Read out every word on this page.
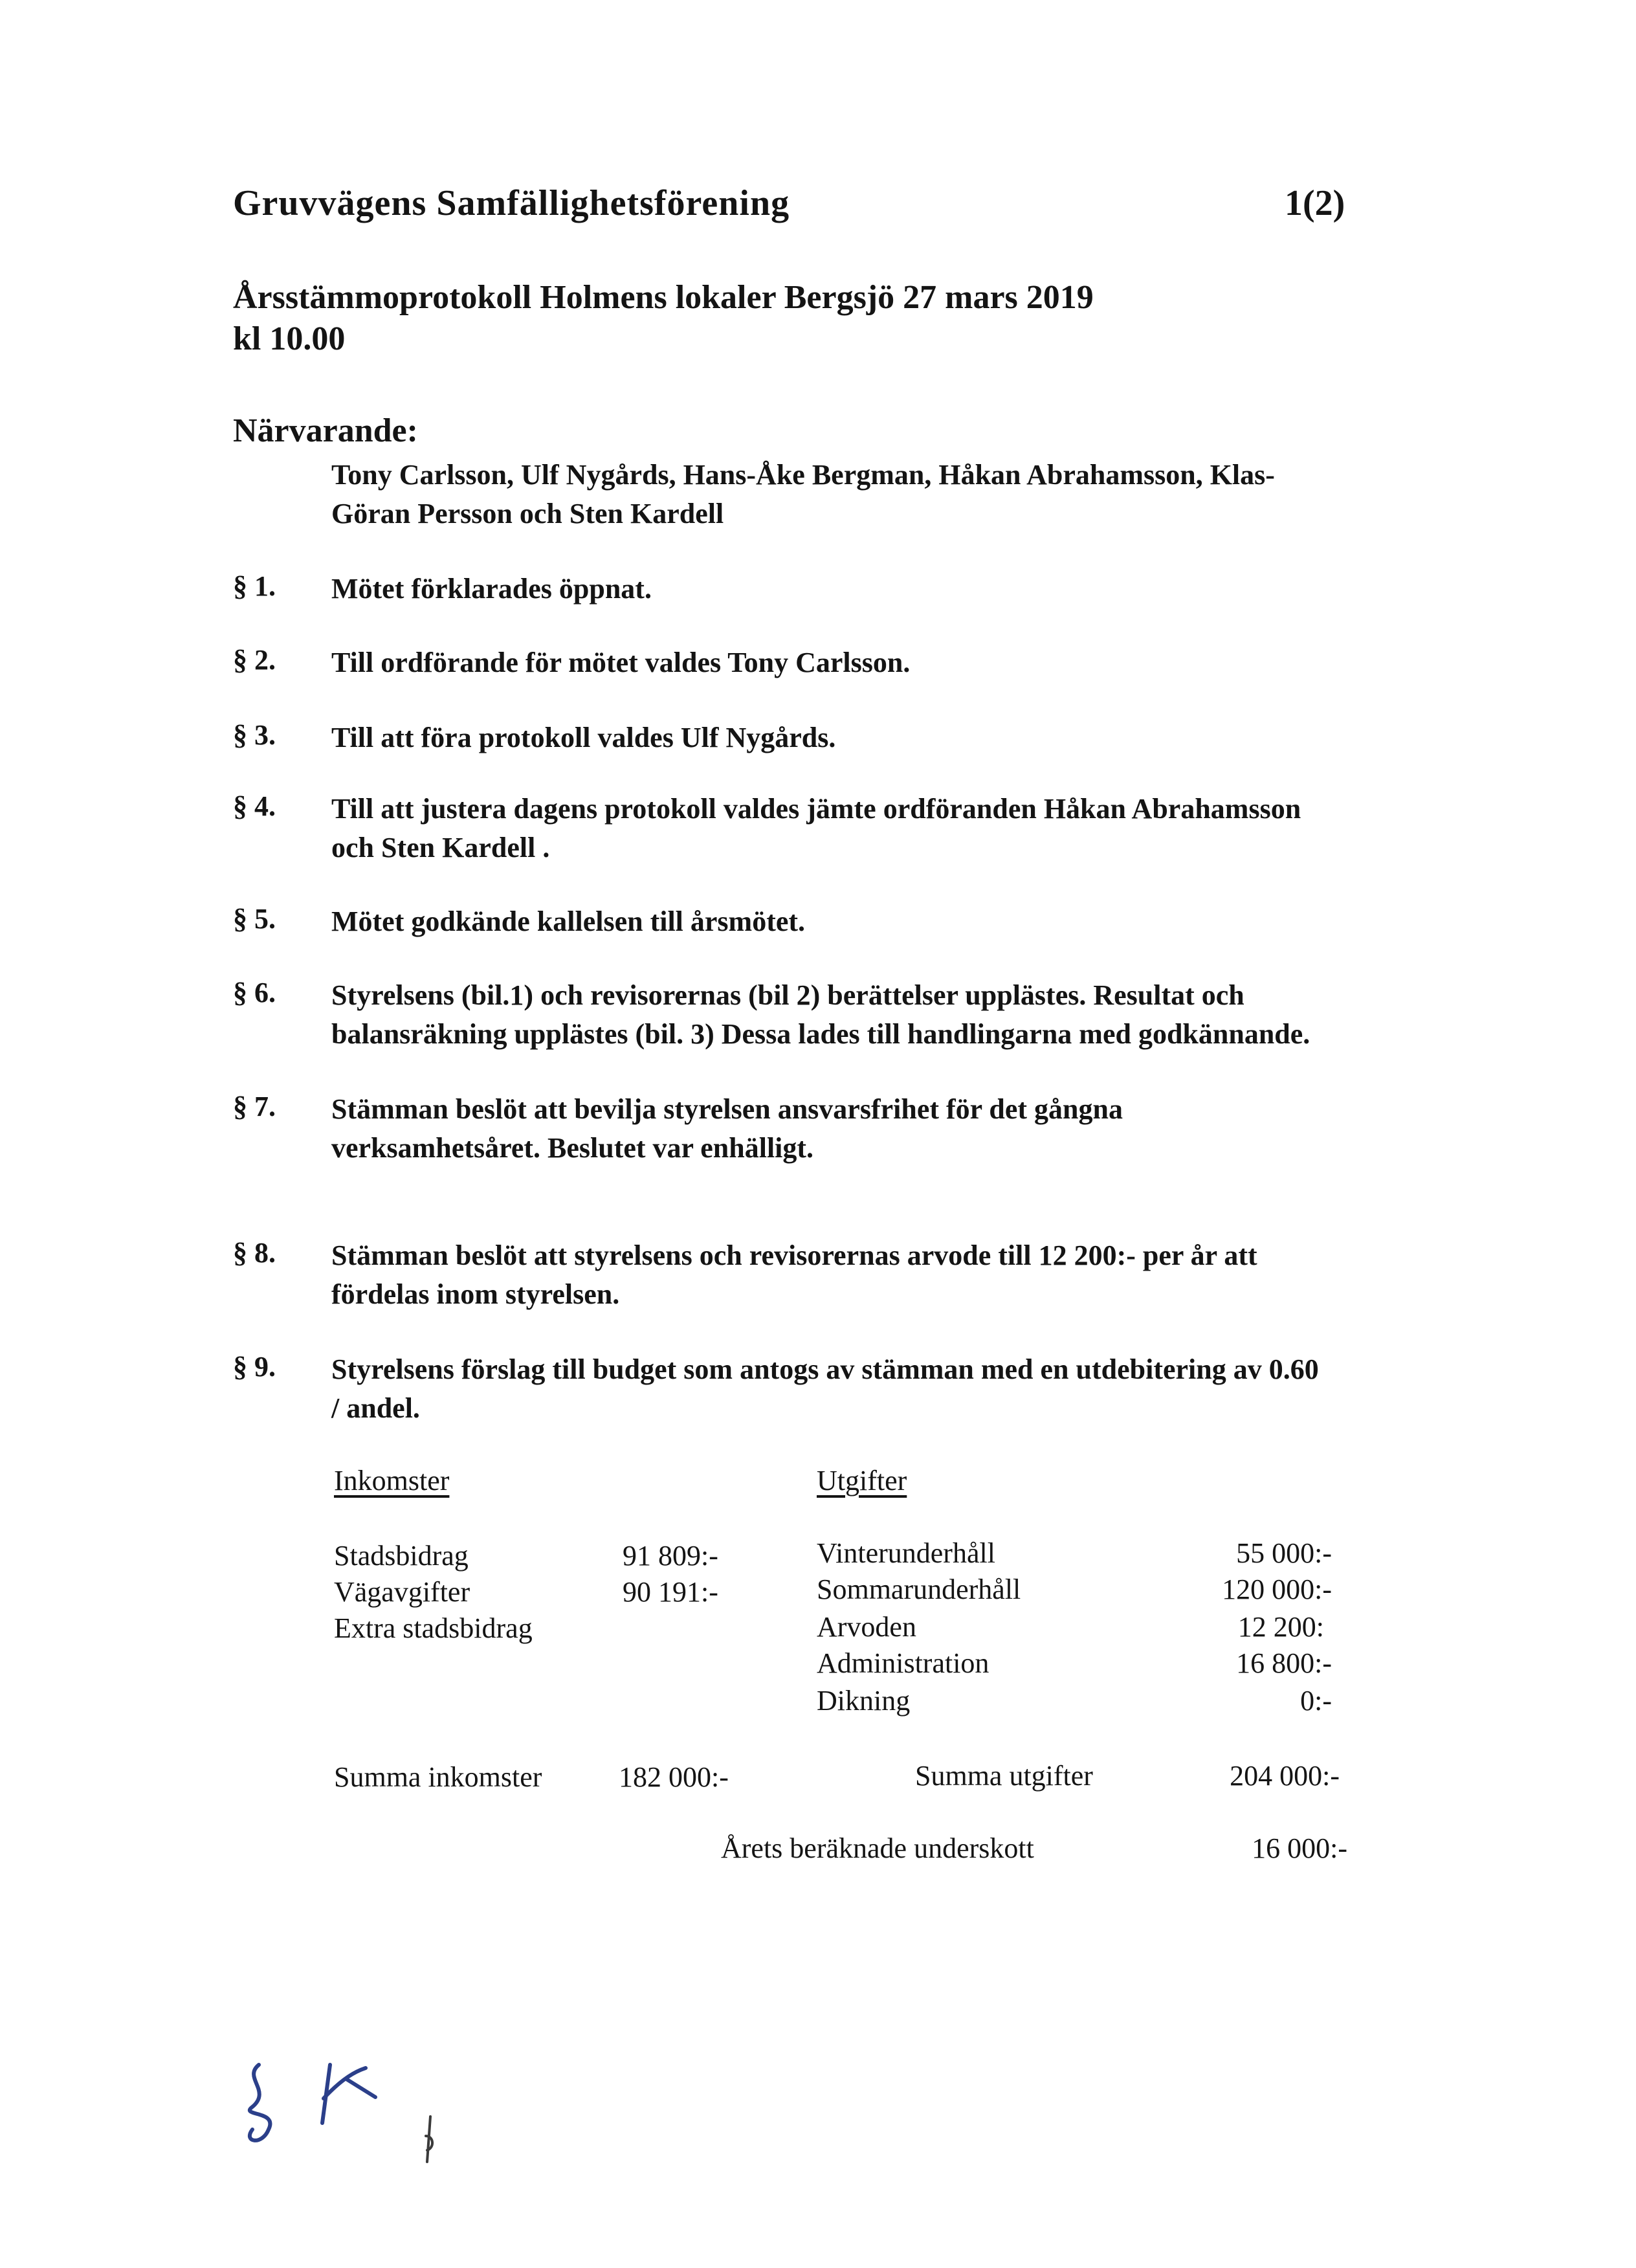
Gruvvägens Samfällighetsförening	1(2)
Årsstämmoprotokoll Holmens lokaler Bergsjö 27 mars 2019
kl 10.00
Närvarande:
Tony Carlsson, Ulf Nygårds, Hans-Åke Bergman, Håkan Abrahamsson, Klas-
Göran Persson och Sten Kardell
§ 1. Mötet förklarades öppnat.
§ 2. Till ordförande för mötet valdes Tony Carlsson.
§ 3. Till att föra protokoll valdes Ulf Nygårds.
§ 4. Till att justera dagens protokoll valdes jämte ordföranden Håkan Abrahamsson
och Sten Kardell .
§ 5. Mötet godkände kallelsen till årsmötet.
§ 6. Styrelsens (bil.1) och revisorernas (bil 2) berättelser upplästes. Resultat och
balansräkning upplästes (bil. 3) Dessa lades till handlingarna med godkännande.
§ 7. Stämman beslöt att bevilja styrelsen ansvarsfrihet för det gångna
verksamhetsåret. Beslutet var enhälligt.
§ 8. Stämman beslöt att styrelsens och revisorernas arvode till 12 200:- per år att
fördelas inom styrelsen.
§ 9. Styrelsens förslag till budget som antogs av stämman med en utdebitering av 0.60
/ andel.
Inkomster	Utgifter
Stadsbidrag	91 809:-
Vägavgifter	90 191:-
Extra stadsbidrag
Vinterunderhåll	55 000:-
Sommarunderhåll	120 000:-
Arvoden	12 200:
Administration	16 800:-
Dikning	0:-
Summa inkomster	182 000:-	Summa utgifter	204 000:-
Årets beräknade underskott	16 000:-
